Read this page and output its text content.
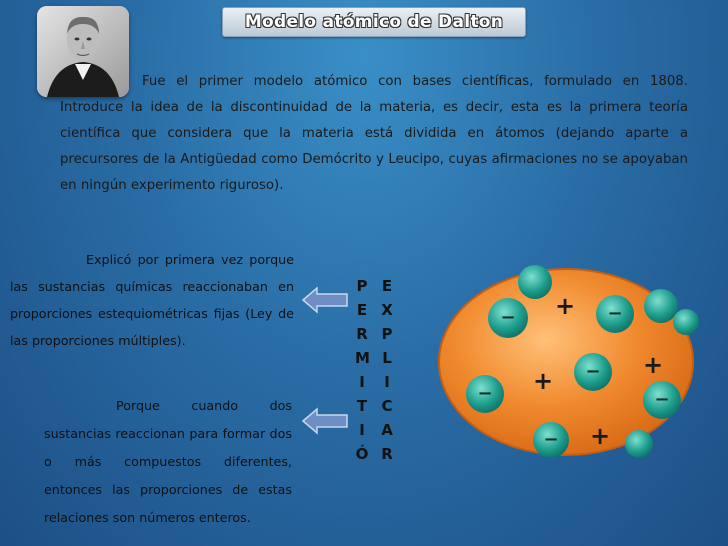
Modelo atómico de Dalton
Fue el primer modelo atómico con bases científicas, formulado en 1808. Introduce la idea de la discontinuidad de la materia, es decir, esta es la primera teoría científica que considera que la materia está dividida en átomos (dejando aparte a precursores de la Antigüedad como Demócrito y Leucipo, cuyas afirmaciones no se apoyaban en ningún experimento riguroso).
Explicó por primera vez porque las sustancias químicas reaccionaban en proporciones estequiométricas fijas (Ley de las proporciones múltiples).
Porque cuando dos sustancias reaccionan para formar dos o más compuestos diferentes, entonces las proporciones de estas relaciones son números enteros.
P
E
R
M
I
T
I
Ó
E
X
P
L
I
C
A
R
−	−
−
−	−
−
+
+
+
+
